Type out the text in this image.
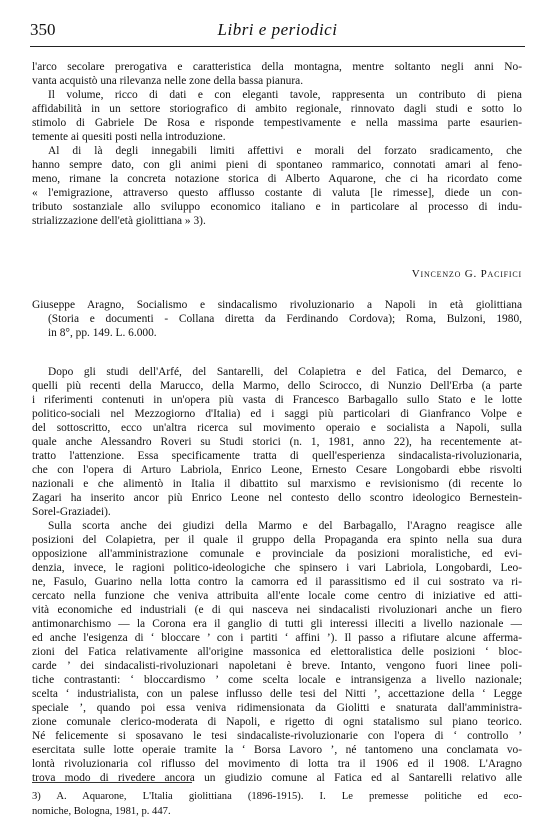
350	Libri e periodici
l'arco secolare prerogativa e caratteristica della montagna, mentre soltanto negli anni No-
vanta acquistò una rilevanza nelle zone della bassa pianura.
Il volume, ricco di dati e con eleganti tavole, rappresenta un contributo di piena
affidabilità in un settore storiografico di ambito regionale, rinnovato dagli studi e sotto lo
stimolo di Gabriele De Rosa e risponde tempestivamente e nella massima parte esaurien-
temente ai quesiti posti nella introduzione.
Al di là degli innegabili limiti affettivi e morali del forzato sradicamento, che
hanno sempre dato, con gli animi pieni di spontaneo rammarico, connotati amari al feno-
meno, rimane la concreta notazione storica di Alberto Aquarone, che ci ha ricordato come
« l'emigrazione, attraverso questo afflusso costante di valuta [le rimesse], diede un con-
tributo sostanziale allo sviluppo economico italiano e in particolare al processo di indu-
strializzazione dell'età giolittiana » 3).
Vincenzo G. Pacifici
Giuseppe Aragno, Socialismo e sindacalismo rivoluzionario a Napoli in età giolittiana
(Storia e documenti - Collana diretta da Ferdinando Cordova); Roma, Bulzoni, 1980,
in 8°, pp. 149. L. 6.000.
Dopo gli studi dell'Arfé, del Santarelli, del Colapietra e del Fatica, del Demarco, e
quelli più recenti della Marucco, della Marmo, dello Scirocco, di Nunzio Dell'Erba (a parte
i riferimenti contenuti in un'opera più vasta di Francesco Barbagallo sullo Stato e le lotte
politico-sociali nel Mezzogiorno d'Italia) ed i saggi più particolari di Gianfranco Volpe e
del sottoscritto, ecco un'altra ricerca sul movimento operaio e socialista a Napoli, sulla
quale anche Alessandro Roveri su Studi storici (n. 1, 1981, anno 22), ha recentemente at-
tratto l'attenzione. Essa specificamente tratta di quell'esperienza sindacalista-rivoluzionaria,
che con l'opera di Arturo Labriola, Enrico Leone, Ernesto Cesare Longobardi ebbe risvolti
nazionali e che alimentò in Italia il dibattito sul marxismo e revisionismo (di recente lo
Zagari ha inserito ancor più Enrico Leone nel contesto dello scontro ideologico Bernestein-
Sorel-Graziadei).
Sulla scorta anche dei giudizi della Marmo e del Barbagallo, l'Aragno reagisce alle
posizioni del Colapietra, per il quale il gruppo della Propaganda era spinto nella sua dura
opposizione all'amministrazione comunale e provinciale da posizioni moralistiche, ed evi-
denzia, invece, le ragioni politico-ideologiche che spinsero i vari Labriola, Longobardi, Leo-
ne, Fasulo, Guarino nella lotta contro la camorra ed il parassitismo ed il cui sostrato va ri-
cercato nella funzione che veniva attribuita all'ente locale come centro di iniziative ed atti-
vità economiche ed industriali (e di qui nasceva nei sindacalisti rivoluzionari anche un fiero
antimonarchismo — la Corona era il ganglio di tutti gli interessi illeciti a livello nazionale —
ed anche l'esigenza di ‘ bloccare ’ con i partiti ‘ affini ’). Il passo a rifiutare alcune afferma-
zioni del Fatica relativamente all'origine massonica ed elettoralistica delle posizioni ‘ bloc-
carde ’ dei sindacalisti-rivoluzionari napoletani è breve. Intanto, vengono fuori linee poli-
tiche contrastanti: ‘ bloccardismo ’ come scelta locale e intransigenza a livello nazionale;
scelta ‘ industrialista, con un palese influsso delle tesi del Nitti ’, accettazione della ‘ Legge
speciale ’, quando poi essa veniva ridimensionata da Giolitti e snaturata dall'amministra-
zione comunale clerico-moderata di Napoli, e rigetto di ogni statalismo sul piano teorico.
Né felicemente si sposavano le tesi sindacaliste-rivoluzionarie con l'opera di ‘ controllo ’
esercitata sulle lotte operaie tramite la ‘ Borsa Lavoro ’, né tantomeno una conclamata vo-
lontà rivoluzionaria col riflusso del movimento di lotta tra il 1906 ed il 1908. L'Aragno
trova modo di rivedere ancora un giudizio comune al Fatica ed al Santarelli relativo alle
3) A. Aquarone, L'Italia giolittiana (1896-1915). I. Le premesse politiche ed eco-
nomiche, Bologna, 1981, p. 447.
